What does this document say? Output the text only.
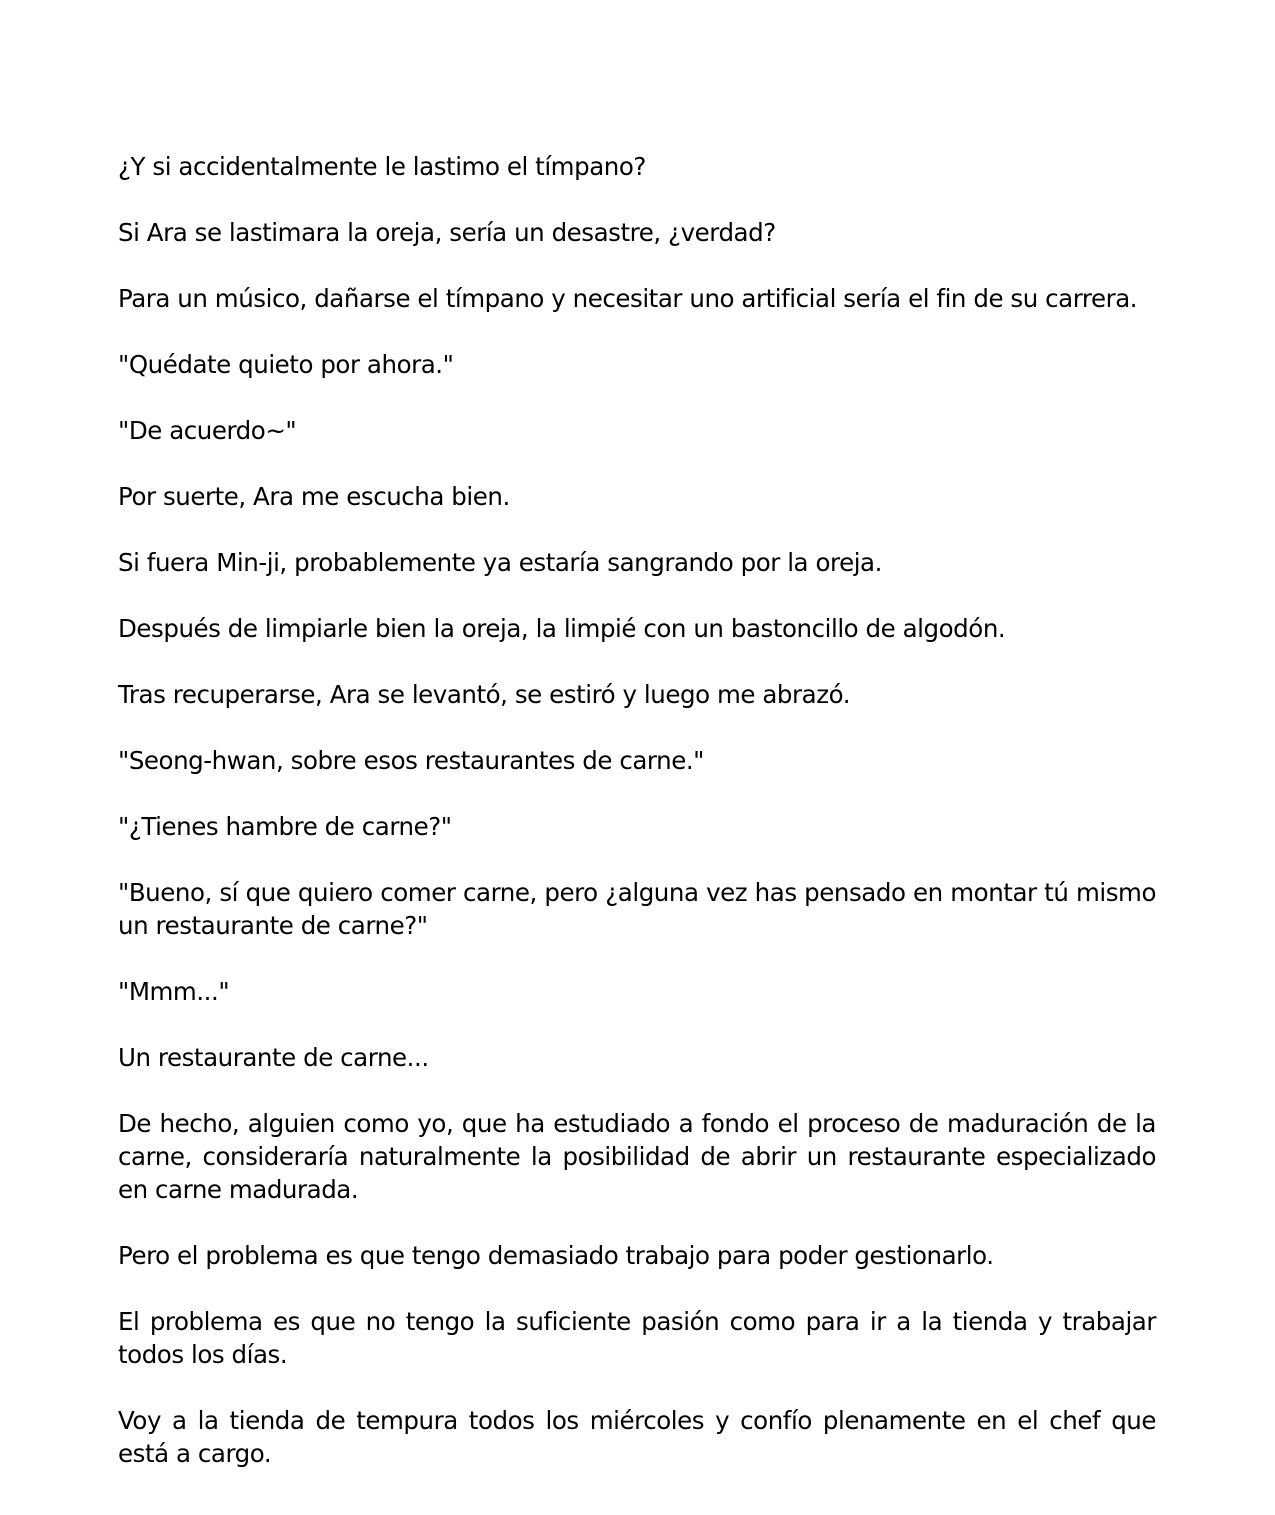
¿Y si accidentalmente le lastimo el tímpano?

Si Ara se lastimara la oreja, sería un desastre, ¿verdad?

Para un músico, dañarse el tímpano y necesitar uno artificial sería el fin de su carrera.

"Quédate quieto por ahora."

"De acuerdo~"

Por suerte, Ara me escucha bien.

Si fuera Min-ji, probablemente ya estaría sangrando por la oreja.

Después de limpiarle bien la oreja, la limpié con un bastoncillo de algodón.

Tras recuperarse, Ara se levantó, se estiró y luego me abrazó.

"Seong-hwan, sobre esos restaurantes de carne."

"¿Tienes hambre de carne?"

"Bueno, sí que quiero comer carne, pero ¿alguna vez has pensado en montar tú mismo un restaurante de carne?"

"Mmm..."

Un restaurante de carne...

De hecho, alguien como yo, que ha estudiado a fondo el proceso de maduración de la carne, consideraría naturalmente la posibilidad de abrir un restaurante especializado en carne madurada.

Pero el problema es que tengo demasiado trabajo para poder gestionarlo.

El problema es que no tengo la suficiente pasión como para ir a la tienda y trabajar todos los días.

Voy a la tienda de tempura todos los miércoles y confío plenamente en el chef que está a cargo.
